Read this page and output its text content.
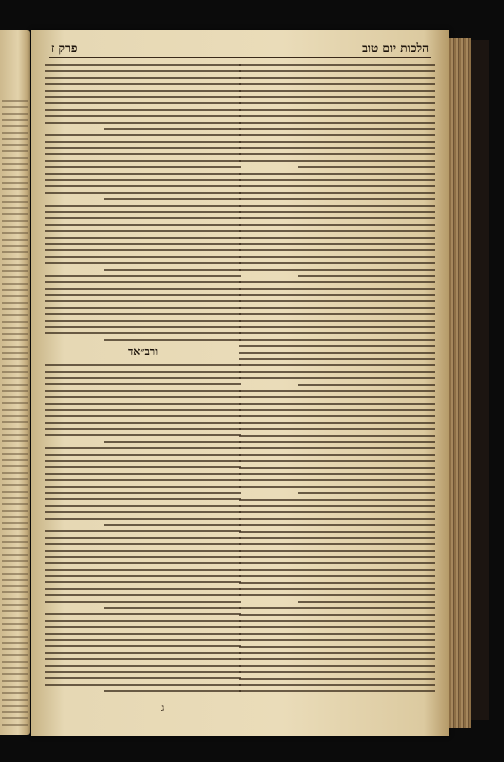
הלכות יום טוב
פרק ז
ורב״אד
ג
